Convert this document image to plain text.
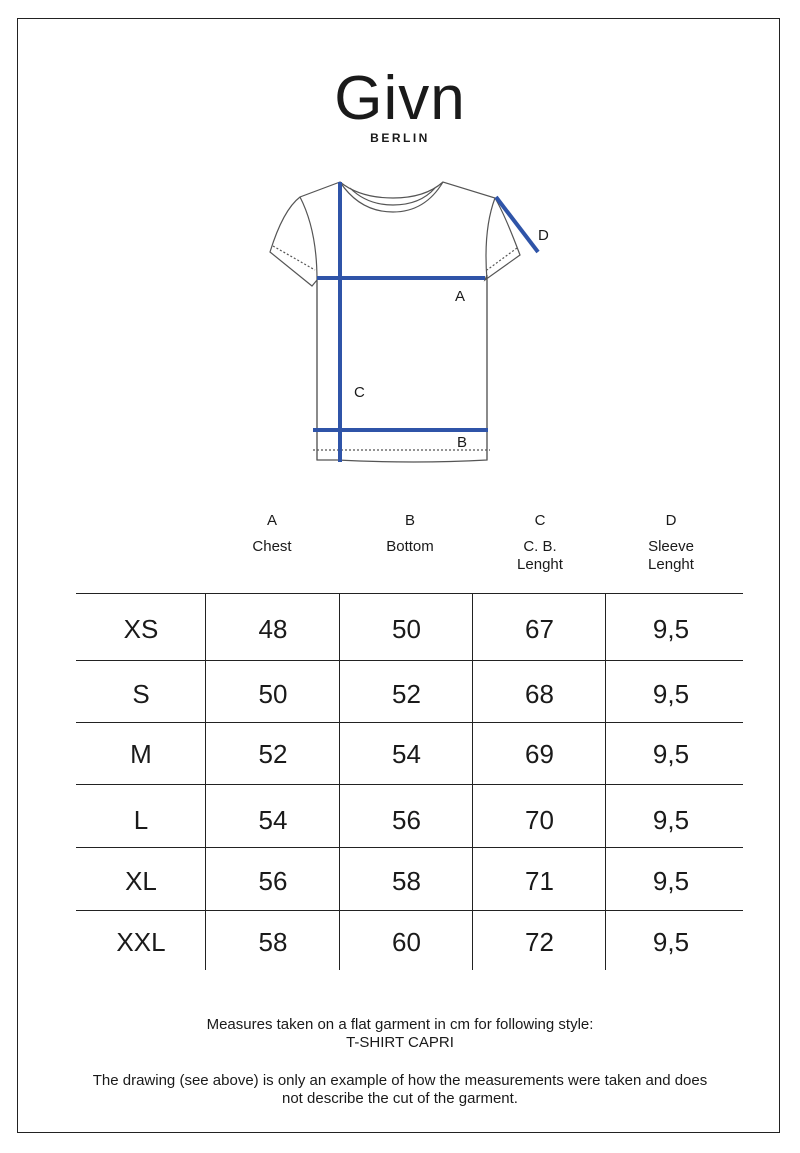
Givn
BERLIN
A
B
C
D
A
Chest
B
Bottom
C
C. B.
Lenght
D
Sleeve
Lenght
XS	48	50	67	9,5
S	50	52	68	9,5
M	52	54	69	9,5
L	54	56	70	9,5
XL	56	58	71	9,5
XXL	58	60	72	9,5
Measures taken on a flat garment in cm for following style:
T-SHIRT CAPRI
The drawing (see above) is only an example of how the measurements were taken and does
not describe the cut of the garment.
